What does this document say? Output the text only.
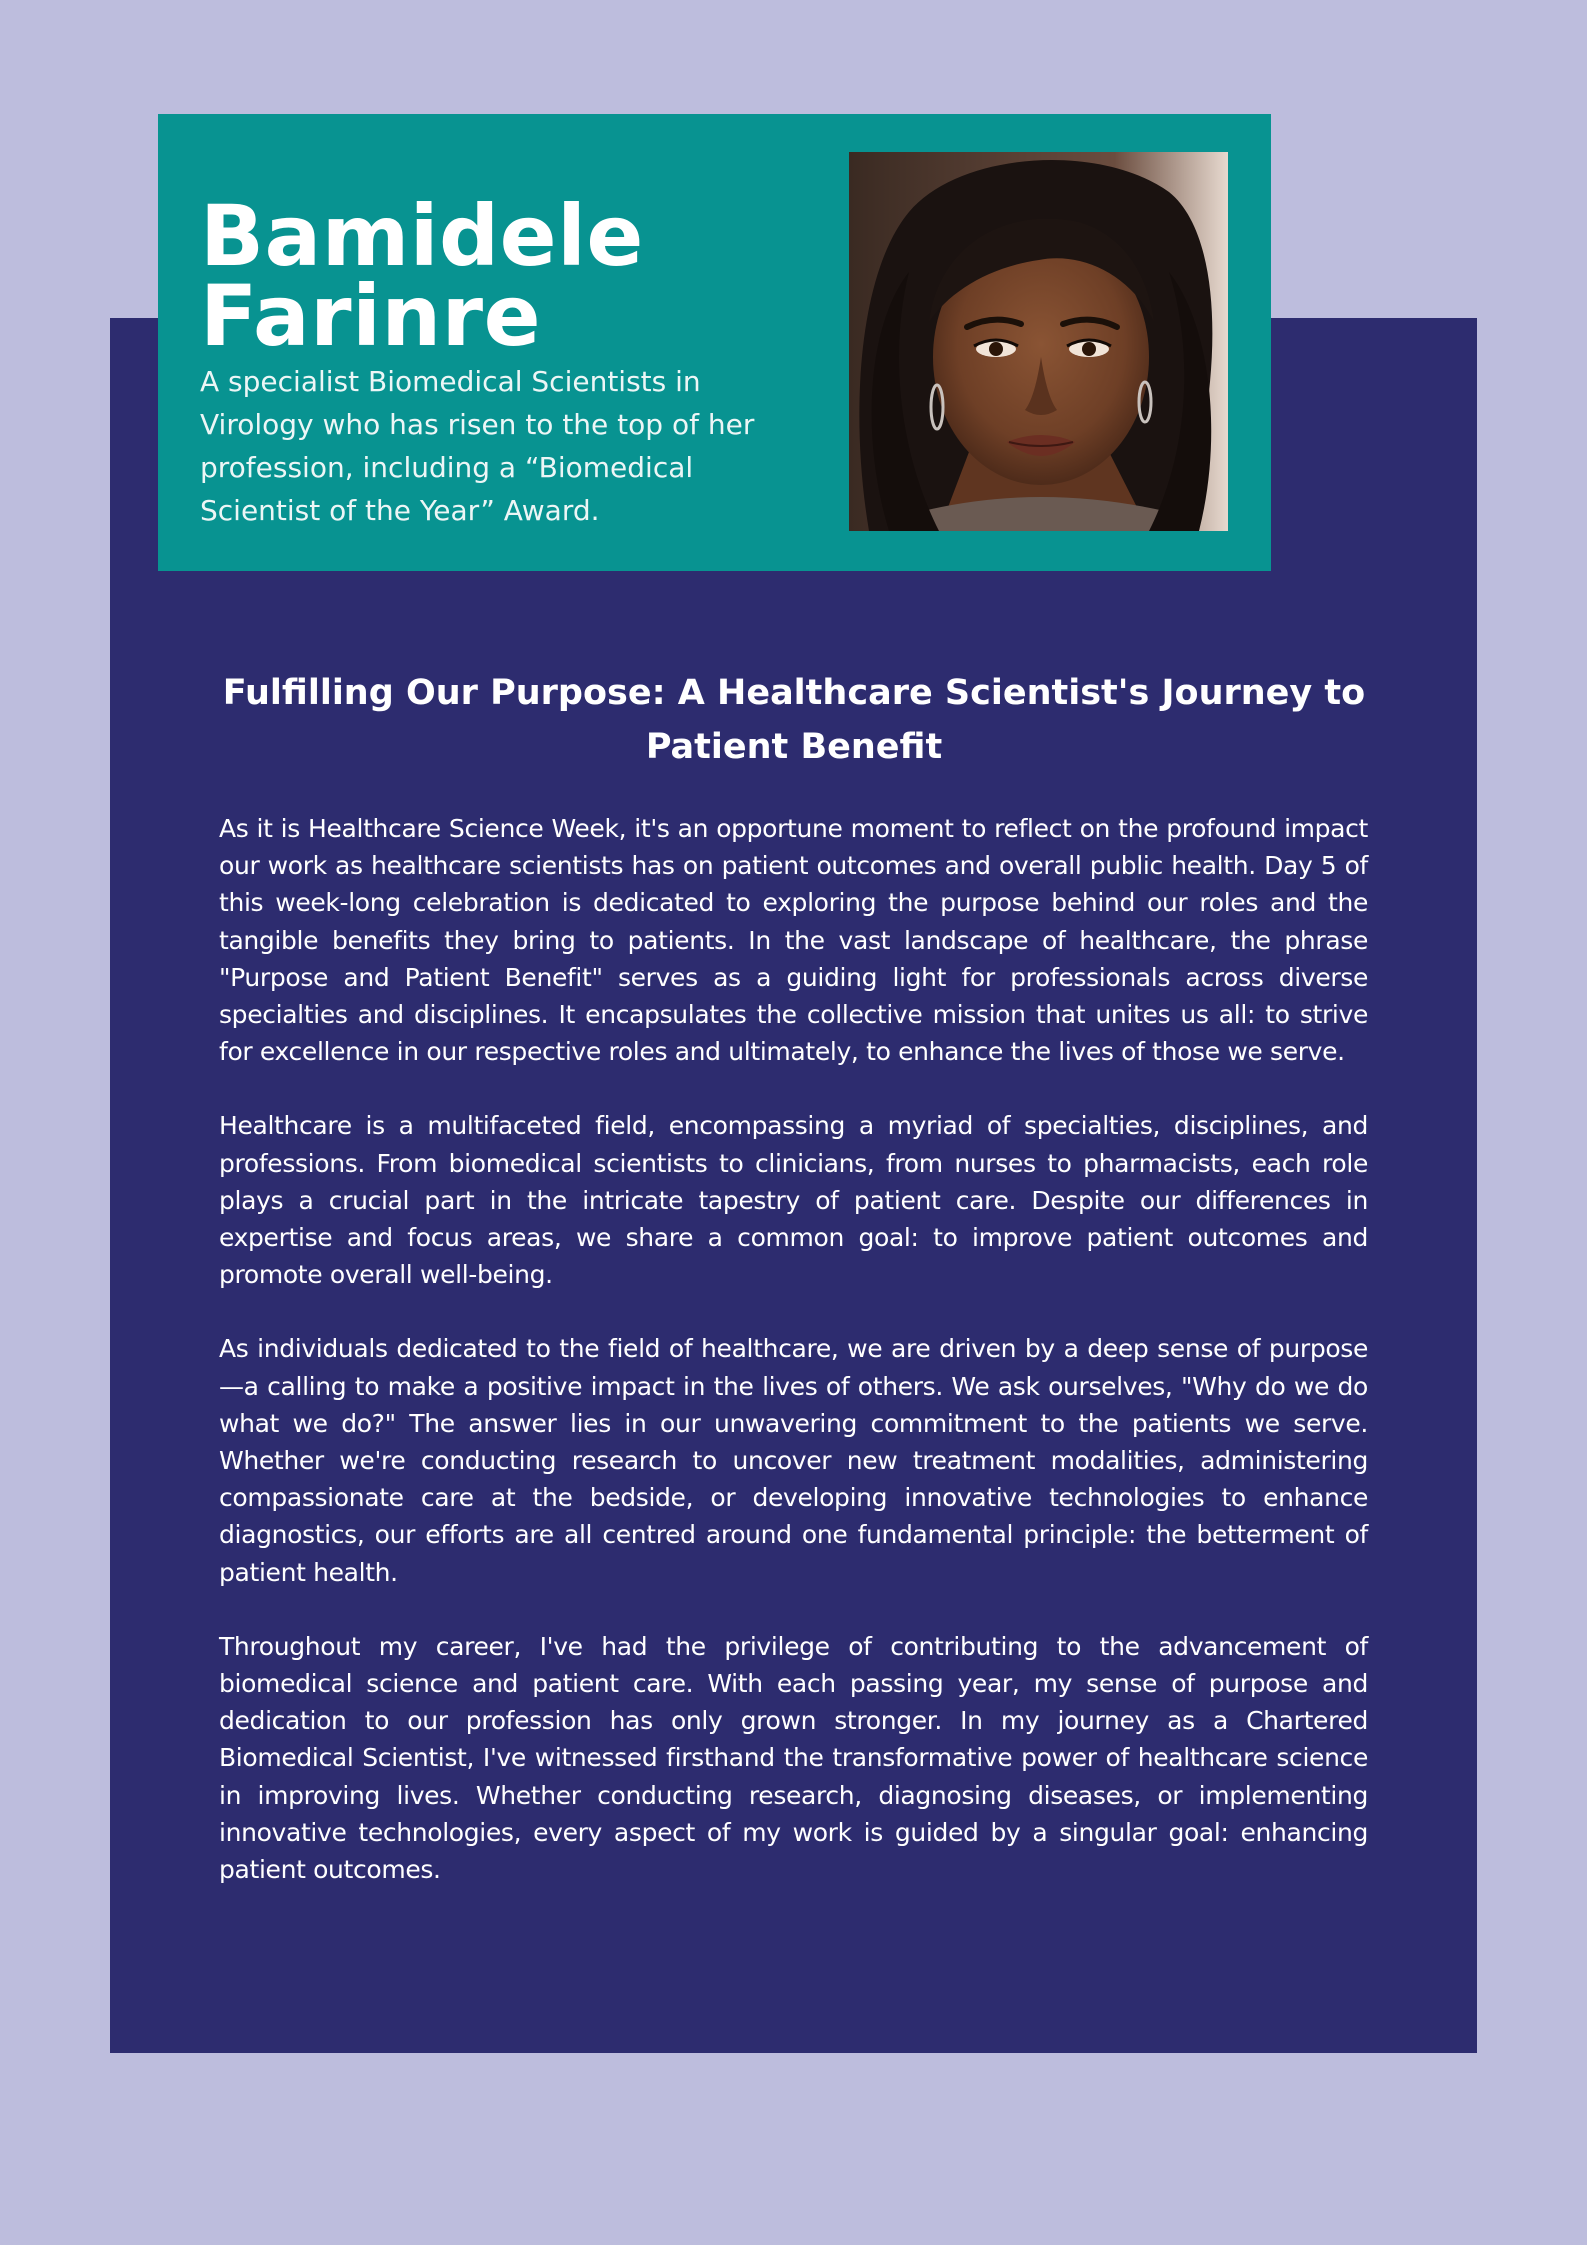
Bamidele
Farinre

A specialist Biomedical Scientists in Virology who has risen to the top of her profession, including a “Biomedical Scientist of the Year” Award.

Fulfilling Our Purpose: A Healthcare Scientist's Journey to Patient Benefit

As it is Healthcare Science Week, it's an opportune moment to reflect on the profound impact our work as healthcare scientists has on patient outcomes and overall public health. Day 5 of this week-long celebration is dedicated to exploring the purpose behind our roles and the tangible benefits they bring to patients. In the vast landscape of healthcare, the phrase "Purpose and Patient Benefit" serves as a guiding light for professionals across diverse specialties and disciplines. It encapsulates the collective mission that unites us all: to strive for excellence in our respective roles and ultimately, to enhance the lives of those we serve.

Healthcare is a multifaceted field, encompassing a myriad of specialties, disciplines, and professions. From biomedical scientists to clinicians, from nurses to pharmacists, each role plays a crucial part in the intricate tapestry of patient care. Despite our differences in expertise and focus areas, we share a common goal: to improve patient outcomes and promote overall well-being.

As individuals dedicated to the field of healthcare, we are driven by a deep sense of purpose—a calling to make a positive impact in the lives of others. We ask ourselves, "Why do we do what we do?" The answer lies in our unwavering commitment to the patients we serve. Whether we're conducting research to uncover new treatment modalities, administering compassionate care at the bedside, or developing innovative technologies to enhance diagnostics, our efforts are all centred around one fundamental principle: the betterment of patient health.

Throughout my career, I've had the privilege of contributing to the advancement of biomedical science and patient care. With each passing year, my sense of purpose and dedication to our profession has only grown stronger. In my journey as a Chartered Biomedical Scientist, I've witnessed firsthand the transformative power of healthcare science in improving lives. Whether conducting research, diagnosing diseases, or implementing innovative technologies, every aspect of my work is guided by a singular goal: enhancing patient outcomes.
